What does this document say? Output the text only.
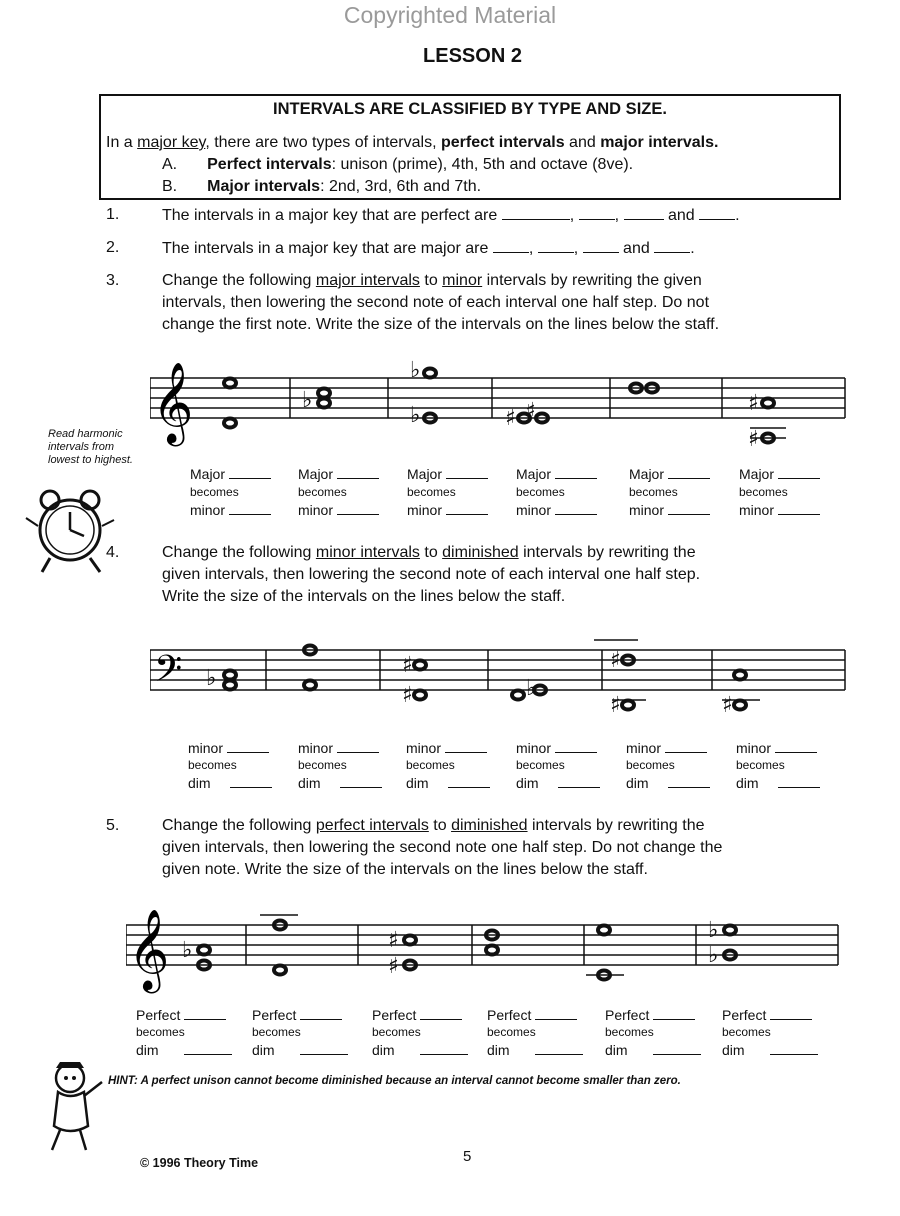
Copyrighted Material
LESSON 2
INTERVALS ARE CLASSIFIED BY TYPE AND SIZE.
In a major key, there are two types of intervals, perfect intervals and major intervals.
A. Perfect intervals: unison (prime), 4th, 5th and octave (8ve).
B. Major intervals: 2nd, 3rd, 6th and 7th.
1.	The intervals in a major key that are perfect are	, ,	and	.
2.	The intervals in a major key that are major are	, ,	and	.
3.	Change the following major intervals to minor intervals by rewriting the given
intervals, then lowering the second note of each interval one half step. Do not
change the first note. Write the size of the intervals on the lines below the staff.
𝄞	♭
♭
♭	♯ ♯	♯
♯
Read harmonic
intervals from
lowest to highest.
Major
becomes
minor
Major
becomes
minor
Major
becomes
minor
Major
becomes
minor
Major
becomes
minor
Major
becomes
minor
4.	Change the following minor intervals to diminished intervals by rewriting the
given intervals, then lowering the second note of each interval one half step.
Write the size of the intervals on the lines below the staff.
𝄢 ♭
♯
♯	♭
♯
♯	♯
minor
becomes
dim
minor
becomes
dim
minor
becomes
dim
minor
becomes
dim
minor
becomes
dim
minor
becomes
dim
5.	Change the following perfect intervals to diminished intervals by rewriting the
given intervals, then lowering the second note one half step. Do not change the
given note. Write the size of the intervals on the lines below the staff.
𝄞 ♭	♯
♯
♭
♭
Perfect
becomes
dim
Perfect
becomes
dim
Perfect
becomes
dim
Perfect
becomes
dim
Perfect
becomes
dim
Perfect
becomes
dim
HINT: A perfect unison cannot become diminished because an interval cannot become smaller than zero.
© 1996 Theory Time	5
